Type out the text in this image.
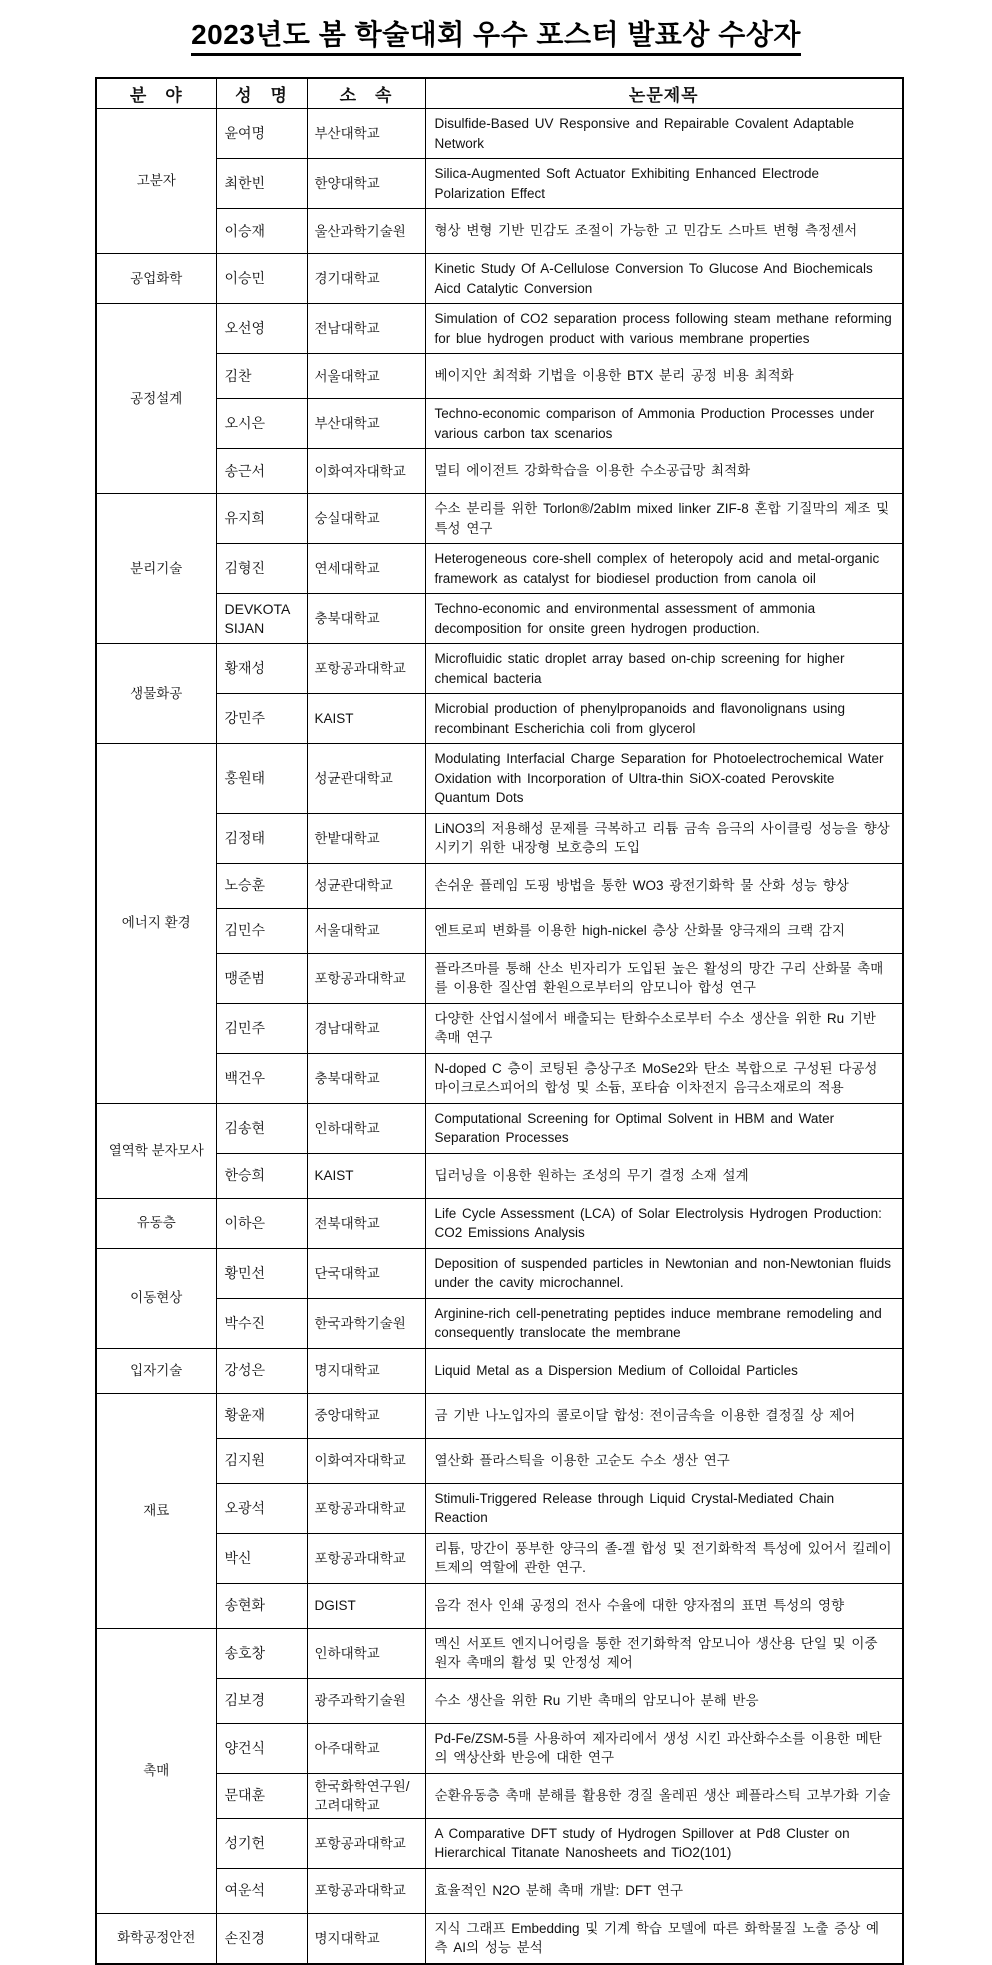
2023년도 봄 학술대회 우수 포스터 발표상 수상자
분　야	성　명	소　속	논문제목
고분자	윤여명	부산대학교	Disulfide-Based UV Responsive and Repairable Covalent Adaptable Network
	최한빈	한양대학교	Silica-Augmented Soft Actuator Exhibiting Enhanced Electrode Polarization Effect
	이승재	울산과학기술원	형상 변형 기반 민감도 조절이 가능한 고 민감도 스마트 변형 측정센서
공업화학	이승민	경기대학교	Kinetic Study Of A-Cellulose Conversion To Glucose And Biochemicals Aicd Catalytic Conversion
공정설계	오선영	전남대학교	Simulation of CO2 separation process following steam methane reforming for blue hydrogen product with various membrane properties
	김찬	서울대학교	베이지안 최적화 기법을 이용한 BTX 분리 공정 비용 최적화
	오시은	부산대학교	Techno-economic comparison of Ammonia Production Processes under various carbon tax scenarios
	송근서	이화여자대학교	멀티 에이전트 강화학습을 이용한 수소공급망 최적화
분리기술	유지희	숭실대학교	수소 분리를 위한 Torlon®/2abIm mixed linker ZIF-8 혼합 기질막의 제조 및 특성 연구
	김형진	연세대학교	Heterogeneous core-shell complex of heteropoly acid and metal-organic framework as catalyst for biodiesel production from canola oil
	DEVKOTA SIJAN	충북대학교	Techno-economic and environmental assessment of ammonia decomposition for onsite green hydrogen production.
생물화공	황재성	포항공과대학교	Microfluidic static droplet array based on-chip screening for higher chemical bacteria
	강민주	KAIST	Microbial production of phenylpropanoids and flavonolignans using recombinant Escherichia coli from glycerol
에너지 환경	홍원태	성균관대학교	Modulating Interfacial Charge Separation for Photoelectrochemical Water Oxidation with Incorporation of Ultra-thin SiOX-coated Perovskite Quantum Dots
	김정태	한밭대학교	LiNO3의 저용해성 문제를 극복하고 리튬 금속 음극의 사이클링 성능을 향상시키기 위한 내장형 보호층의 도입
	노승훈	성균관대학교	손쉬운 플레임 도핑 방법을 통한 WO3 광전기화학 물 산화 성능 향상
	김민수	서울대학교	엔트로피 변화를 이용한 high-nickel 층상 산화물 양극재의 크랙 감지
	맹준범	포항공과대학교	플라즈마를 통해 산소 빈자리가 도입된 높은 활성의 망간 구리 산화물 촉매를 이용한 질산염 환원으로부터의 암모니아 합성 연구
	김민주	경남대학교	다양한 산업시설에서 배출되는 탄화수소로부터 수소 생산을 위한 Ru 기반 촉매 연구
	백건우	충북대학교	N-doped C 층이 코팅된 층상구조 MoSe2와 탄소 복합으로 구성된 다공성 마이크로스피어의 합성 및 소듐, 포타슘 이차전지 음극소재로의 적용
열역학 분자모사	김송현	인하대학교	Computational Screening for Optimal Solvent in HBM and Water Separation Processes
	한승희	KAIST	딥러닝을 이용한 원하는 조성의 무기 결정 소재 설계
유동층	이하은	전북대학교	Life Cycle Assessment (LCA) of Solar Electrolysis Hydrogen Production: CO2 Emissions Analysis
이동현상	황민선	단국대학교	Deposition of suspended particles in Newtonian and non-Newtonian fluids under the cavity microchannel.
	박수진	한국과학기술원	Arginine-rich cell-penetrating peptides induce membrane remodeling and consequently translocate the membrane
입자기술	강성은	명지대학교	Liquid Metal as a Dispersion Medium of Colloidal Particles
재료	황윤재	중앙대학교	금 기반 나노입자의 콜로이달 합성: 전이금속을 이용한 결정질 상 제어
	김지원	이화여자대학교	열산화 플라스틱을 이용한 고순도 수소 생산 연구
	오광석	포항공과대학교	Stimuli-Triggered Release through Liquid Crystal-Mediated Chain Reaction
	박신	포항공과대학교	리튬, 망간이 풍부한 양극의 졸-겔 합성 및 전기화학적 특성에 있어서 킬레이트제의 역할에 관한 연구.
	송현화	DGIST	음각 전사 인쇄 공정의 전사 수율에 대한 양자점의 표면 특성의 영향
촉매	송호창	인하대학교	멕신 서포트 엔지니어링을 통한 전기화학적 암모니아 생산용 단일 및 이중 원자 촉매의 활성 및 안정성 제어
	김보경	광주과학기술원	수소 생산을 위한 Ru 기반 촉매의 암모니아 분해 반응
	양건식	아주대학교	Pd-Fe/ZSM-5를 사용하여 제자리에서 생성 시킨 과산화수소를 이용한 메탄의 액상산화 반응에 대한 연구
	문대훈	한국화학연구원/고려대학교	순환유동층 촉매 분해를 활용한 경질 올레핀 생산 페플라스틱 고부가화 기술
	성기헌	포항공과대학교	A Comparative DFT study of Hydrogen Spillover at Pd8 Cluster on Hierarchical Titanate Nanosheets and TiO2(101)
	여운석	포항공과대학교	효율적인 N2O 분해 촉매 개발: DFT 연구
화학공정안전	손진경	명지대학교	지식 그래프 Embedding 및 기계 학습 모델에 따른 화학물질 노출 증상 예측 AI의 성능 분석
